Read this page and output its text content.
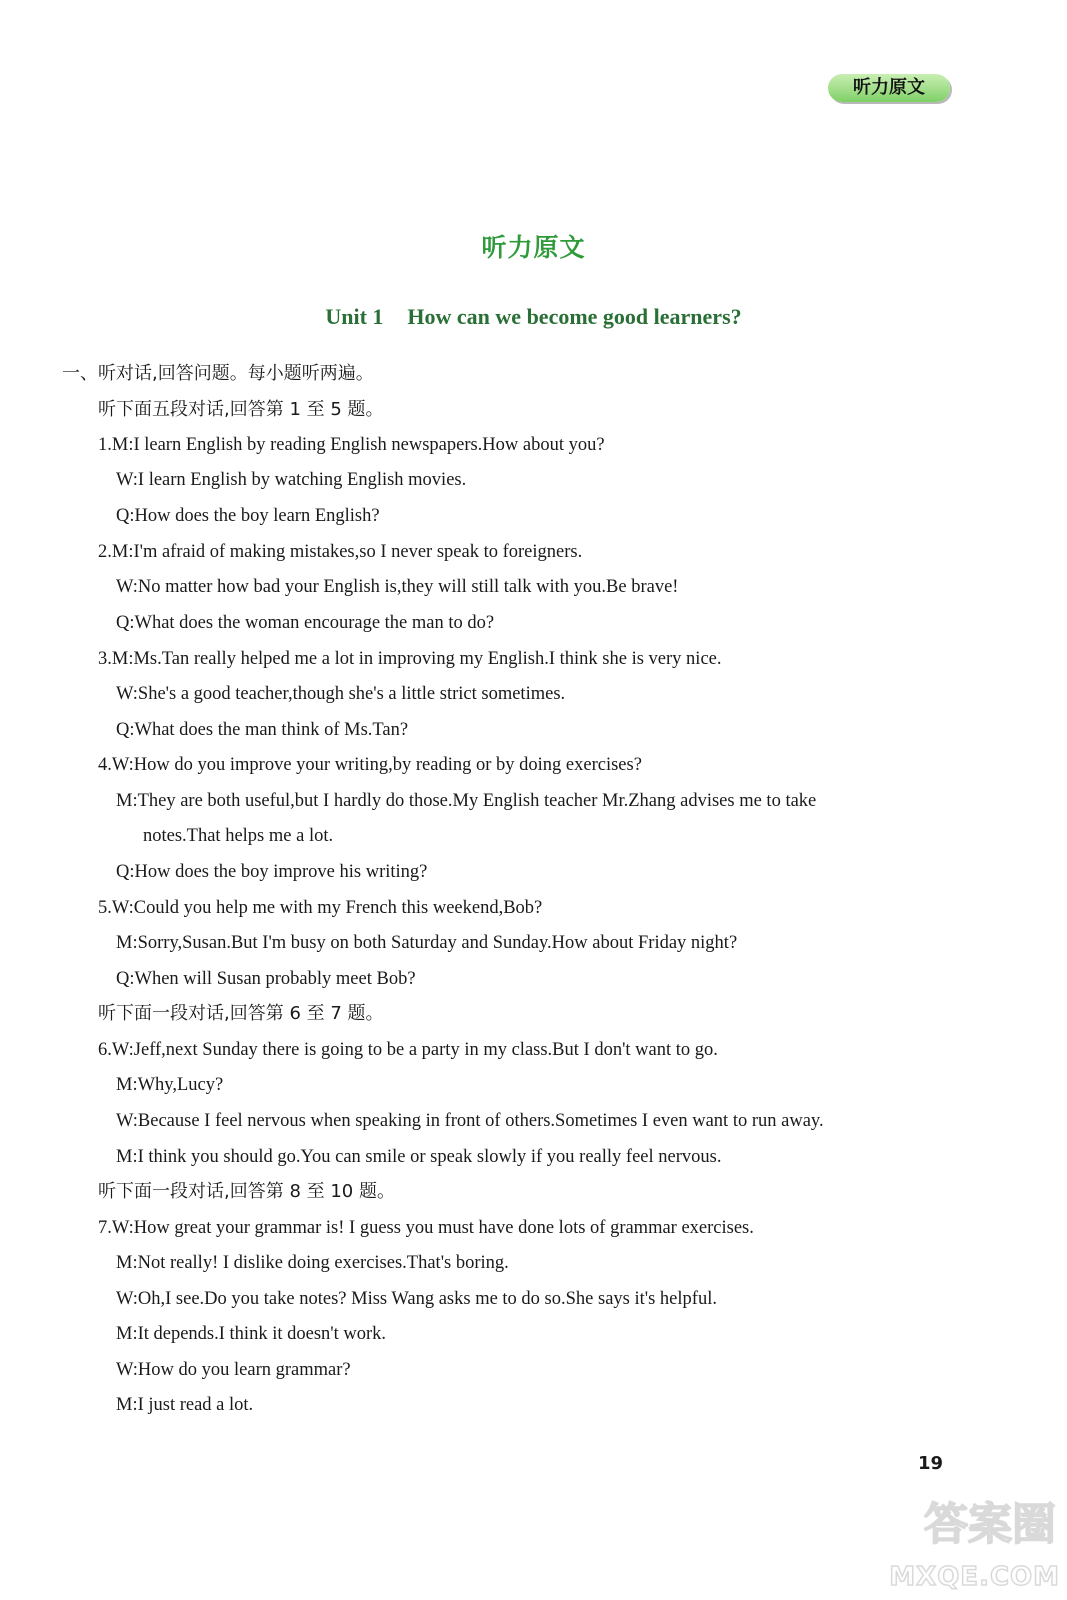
听力原文
听力原文
Unit 1 How can we become good learners?
一、听对话,回答问题。每小题听两遍。
听下面五段对话,回答第 1 至 5 题。
1.M:I learn English by reading English newspapers.How about you?
W:I learn English by watching English movies.
Q:How does the boy learn English?
2.M:I'm afraid of making mistakes,so I never speak to foreigners.
W:No matter how bad your English is,they will still talk with you.Be brave!
Q:What does the woman encourage the man to do?
3.M:Ms.Tan really helped me a lot in improving my English.I think she is very nice.
W:She's a good teacher,though she's a little strict sometimes.
Q:What does the man think of Ms.Tan?
4.W:How do you improve your writing,by reading or by doing exercises?
M:They are both useful,but I hardly do those.My English teacher Mr.Zhang advises me to take
notes.That helps me a lot.
Q:How does the boy improve his writing?
5.W:Could you help me with my French this weekend,Bob?
M:Sorry,Susan.But I'm busy on both Saturday and Sunday.How about Friday night?
Q:When will Susan probably meet Bob?
听下面一段对话,回答第 6 至 7 题。
6.W:Jeff,next Sunday there is going to be a party in my class.But I don't want to go.
M:Why,Lucy?
W:Because I feel nervous when speaking in front of others.Sometimes I even want to run away.
M:I think you should go.You can smile or speak slowly if you really feel nervous.
听下面一段对话,回答第 8 至 10 题。
7.W:How great your grammar is! I guess you must have done lots of grammar exercises.
M:Not really! I dislike doing exercises.That's boring.
W:Oh,I see.Do you take notes? Miss Wang asks me to do so.She says it's helpful.
M:It depends.I think it doesn't work.
W:How do you learn grammar?
M:I just read a lot.
19
答案圈
MXQE.COM
